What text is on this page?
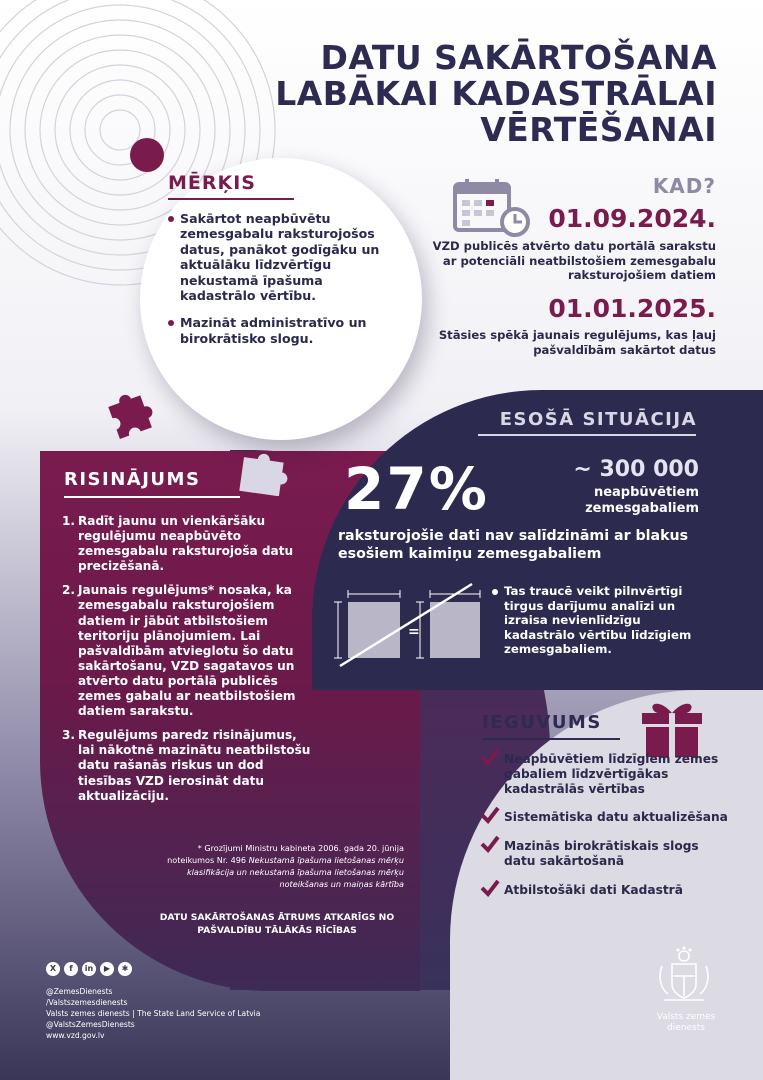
DATU SAKĀRTOŠANA
LABĀKAI KADASTRĀLAI
VĒRTĒŠANAI
MĒRĶIS
Sakārtot neapbūvētu zemesgabalu raksturojošos datus, panākot godīgāku un aktuālāku līdzvērtīgu nekustamā īpašuma kadastrālo vērtību.
Mazināt administratīvo un birokrātisko slogu.
KAD?
01.09.2024.
VZD publicēs atvērto datu portālā sarakstu ar potenciāli neatbilstošiem zemesgabalu raksturojošiem datiem
01.01.2025.
Stāsies spēkā jaunais regulējums, kas ļauj pašvaldībām sakārtot datus
ESOŠĀ SITUĀCIJA
27%	~ 300 000
neapbūvētiem zemesgabaliem
raksturojošie dati nav salīdzināmi ar blakus esošiem kaimiņu zemesgabaliem
=
Tas traucē veikt pilnvērtīgi tirgus darījumu analīzi un izraisa nevienlīdzīgu kadastrālo vērtību līdzīgiem zemesgabaliem.
RISINĀJUMS
1. Radīt jaunu un vienkāršāku regulējumu neapbūvēto zemesgabalu raksturojoša datu precizēšanā.
2. Jaunais regulējums* nosaka, ka zemesgabalu raksturojošiem datiem ir jābūt atbilstošiem teritoriju plānojumiem. Lai pašvaldībām atvieglotu šo datu sakārtošanu, VZD sagatavos un atvērto datu portālā publicēs zemes gabalu ar neatbilstošiem datiem sarakstu.
3. Regulējums paredz risinājumus, lai nākotnē mazinātu neatbilstošu datu rašanās riskus un dod tiesības VZD ierosināt datu aktualizāciju.
* Grozījumi Ministru kabineta 2006. gada 20. jūnija noteikumos Nr. 496 Nekustamā īpašuma lietošanas mērķu klasifikācija un nekustamā īpašuma lietošanas mērķu noteikšanas un maiņas kārtība
DATU SAKĀRTOŠANAS ĀTRUMS ATKARĪGS NO PAŠVALDĪBU TĀLĀKĀS RĪCĪBAS
IEGUVUMS
Neapbūvētiem līdzīgiem zemes gabaliem līdzvērtīgākas kadastrālās vērtības
Sistemātiska datu aktualizēšana
Mazinās birokrātiskais slogs datu sakārtošanā
Atbilstošāki dati Kadastrā
X	f	in	▶	✱
@ZemesDienests
/Valstszemesdienests
Valsts zemes dienests | The State Land Service of Latvia
@ValstsZemesDienests
www.vzd.gov.lv
Valsts zemes dienests
